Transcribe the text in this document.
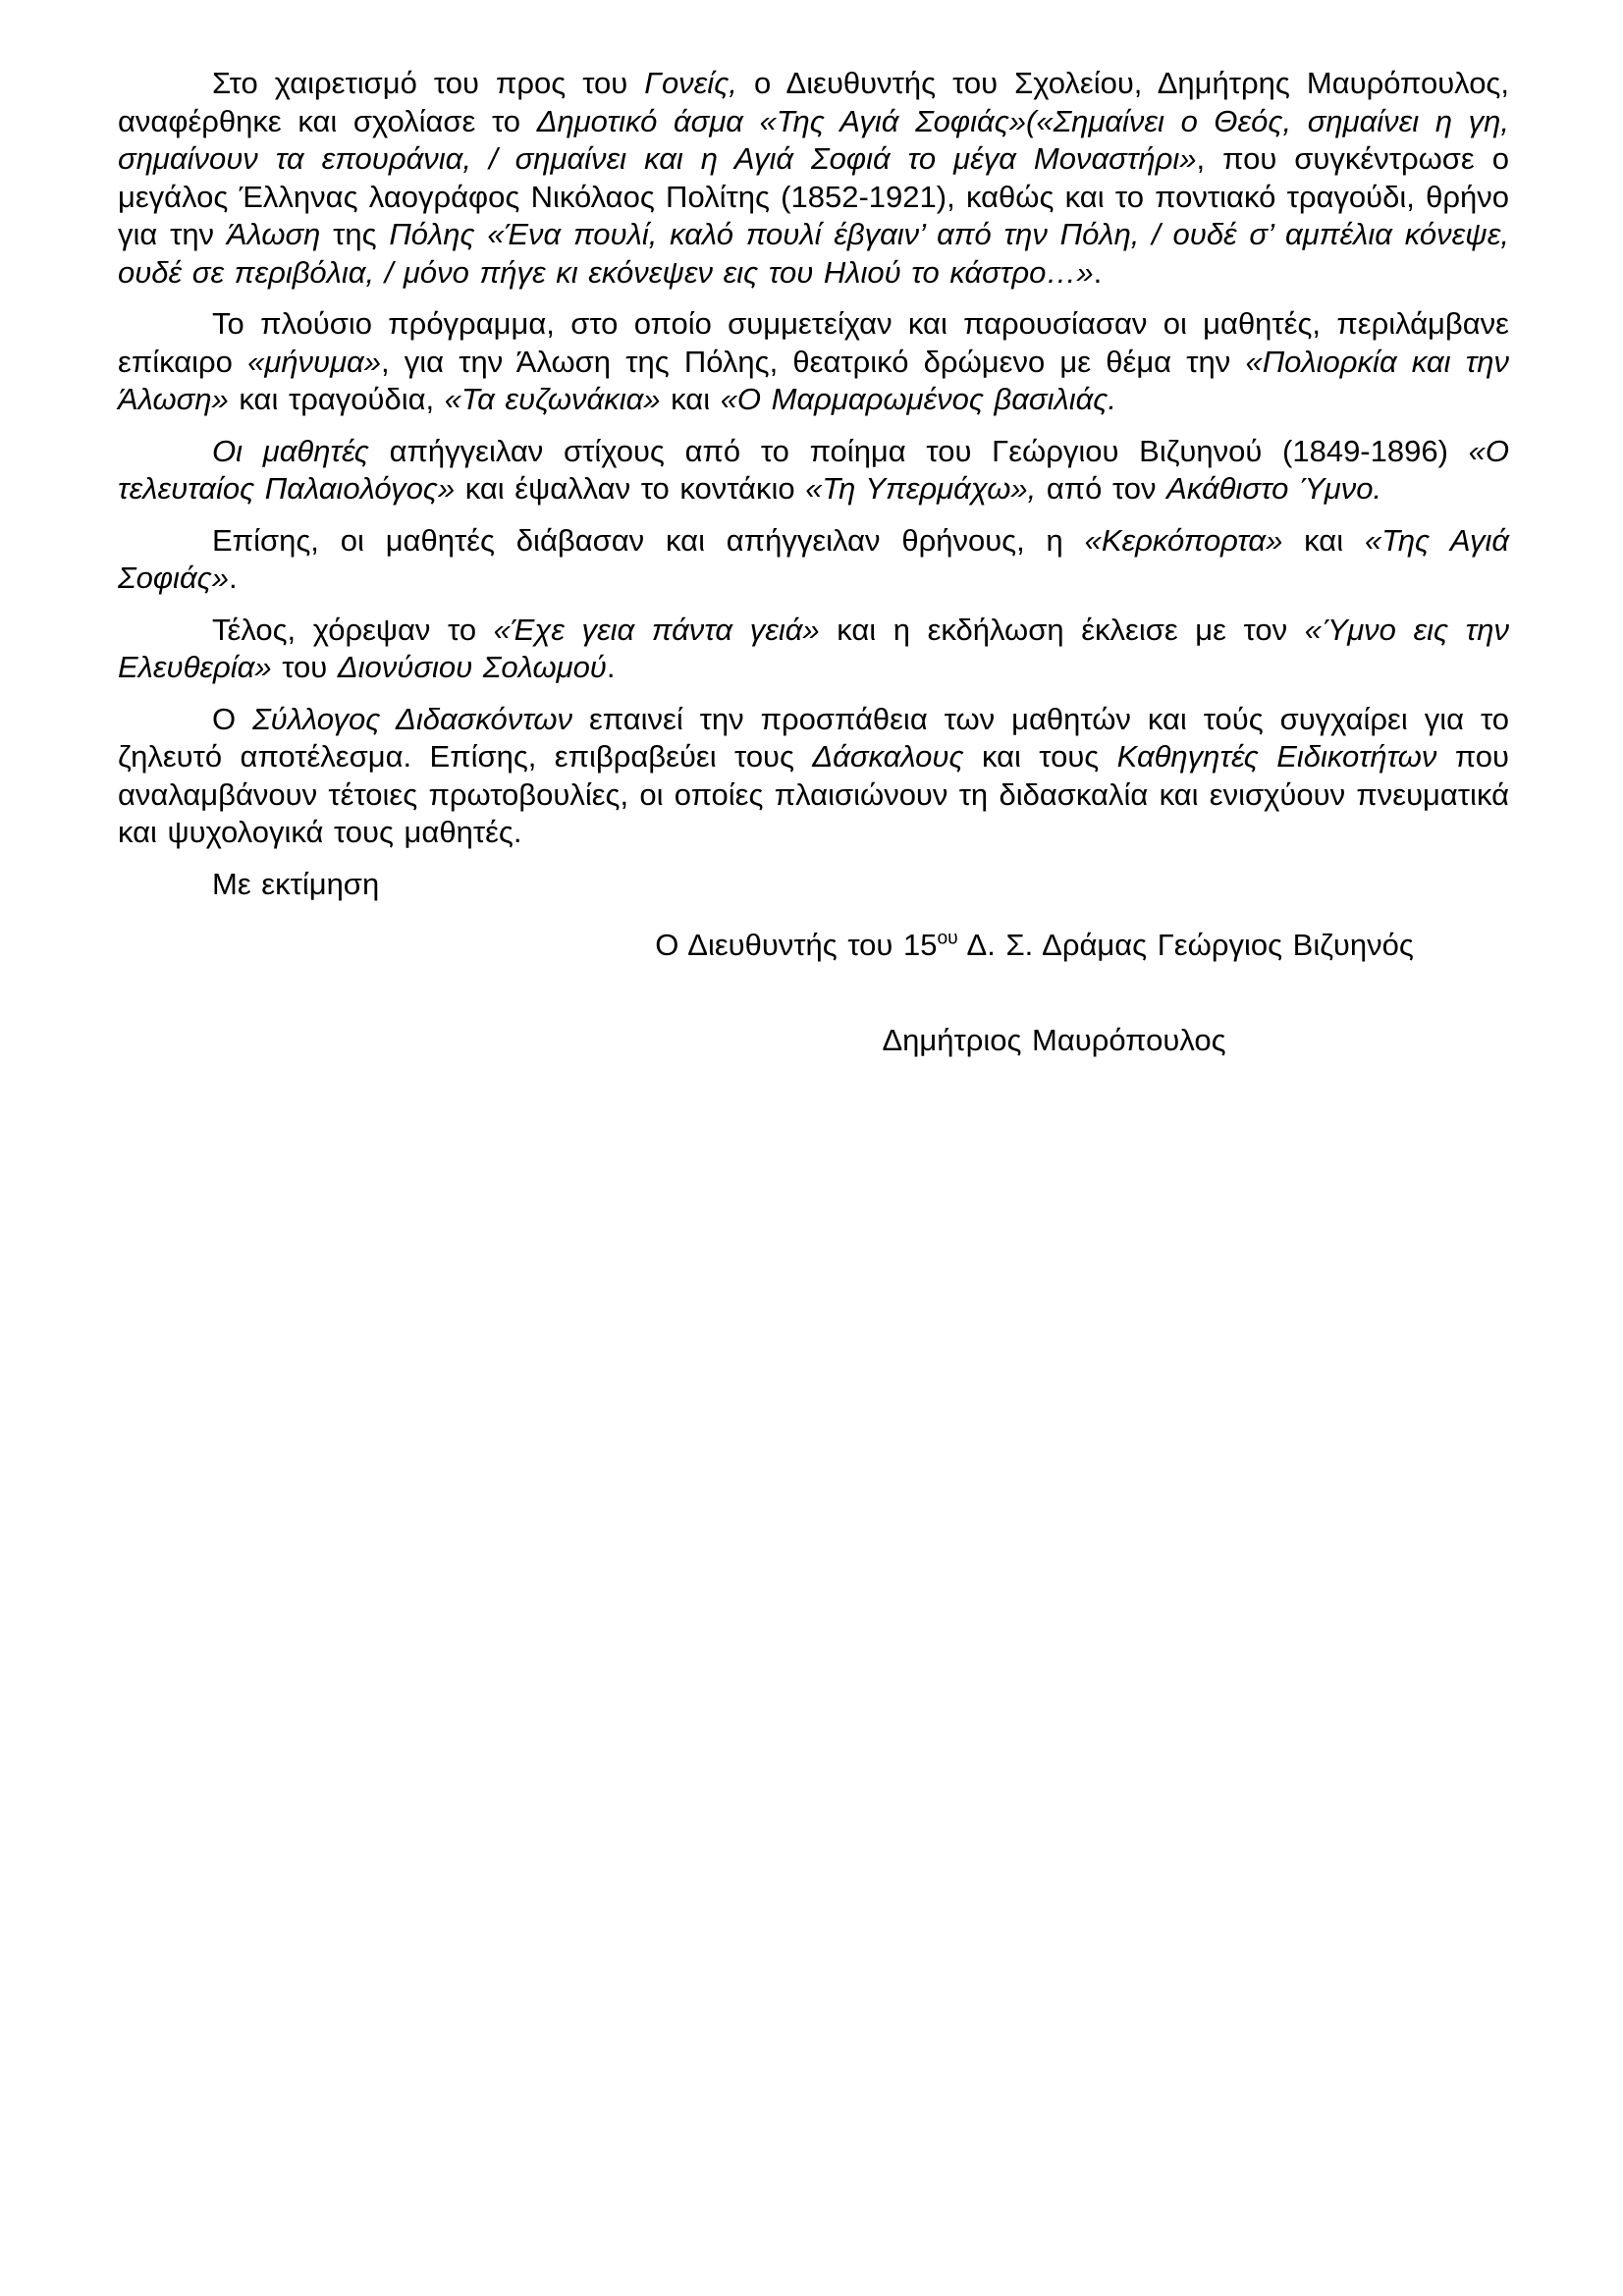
Στο χαιρετισμό του προς του Γονείς, ο Διευθυντής του Σχολείου, Δημήτρης Μαυρόπουλος, αναφέρθηκε και σχολίασε το Δημοτικό άσμα «Της Αγιά Σοφιάς»(«Σημαίνει ο Θεός, σημαίνει η γη, σημαίνουν τα επουράνια, / σημαίνει και η Αγιά Σοφιά το μέγα Μοναστήρι», που συγκέντρωσε ο μεγάλος Έλληνας λαογράφος Νικόλαος Πολίτης (1852-1921), καθώς και το ποντιακό τραγούδι, θρήνο για την Άλωση της Πόλης «Ένα πουλί, καλό πουλί έβγαιν’ από την Πόλη, / ουδέ σ’ αμπέλια κόνεψε, ουδέ σε περιβόλια, / μόνο πήγε κι εκόνεψεν εις του Ηλιού το κάστρο…».

Το πλούσιο πρόγραμμα, στο οποίο συμμετείχαν και παρουσίασαν οι μαθητές, περιλάμβανε επίκαιρο «μήνυμα», για την Άλωση της Πόλης, θεατρικό δρώμενο με θέμα την «Πολιορκία και την Άλωση» και τραγούδια, «Τα ευζωνάκια» και «Ο Μαρμαρωμένος βασιλιάς.

Οι μαθητές απήγγειλαν στίχους από το ποίημα του Γεώργιου Βιζυηνού (1849-1896) «Ο τελευταίος Παλαιολόγος» και έψαλλαν το κοντάκιο «Τη Υπερμάχω», από τον Ακάθιστο Ύμνο.

Επίσης, οι μαθητές διάβασαν και απήγγειλαν θρήνους, η «Κερκόπορτα» και «Της Αγιά Σοφιάς».

Τέλος, χόρεψαν το «Έχε γεια πάντα γειά» και η εκδήλωση έκλεισε με τον «Ύμνο εις την Ελευθερία» του Διονύσιου Σολωμού.

Ο Σύλλογος Διδασκόντων επαινεί την προσπάθεια των μαθητών και τούς συγχαίρει για το ζηλευτό αποτέλεσμα. Επίσης, επιβραβεύει τους Δάσκαλους και τους Καθηγητές Ειδικοτήτων που αναλαμβάνουν τέτοιες πρωτοβουλίες, οι οποίες πλαισιώνουν τη διδασκαλία και ενισχύουν πνευματικά και ψυχολογικά τους μαθητές.

Με εκτίμηση

Ο Διευθυντής του $15^{o\upsilon}$ Δ. Σ. Δράμας Γεώργιος Βιζυηνός

Δημήτριος Μαυρόπουλος
